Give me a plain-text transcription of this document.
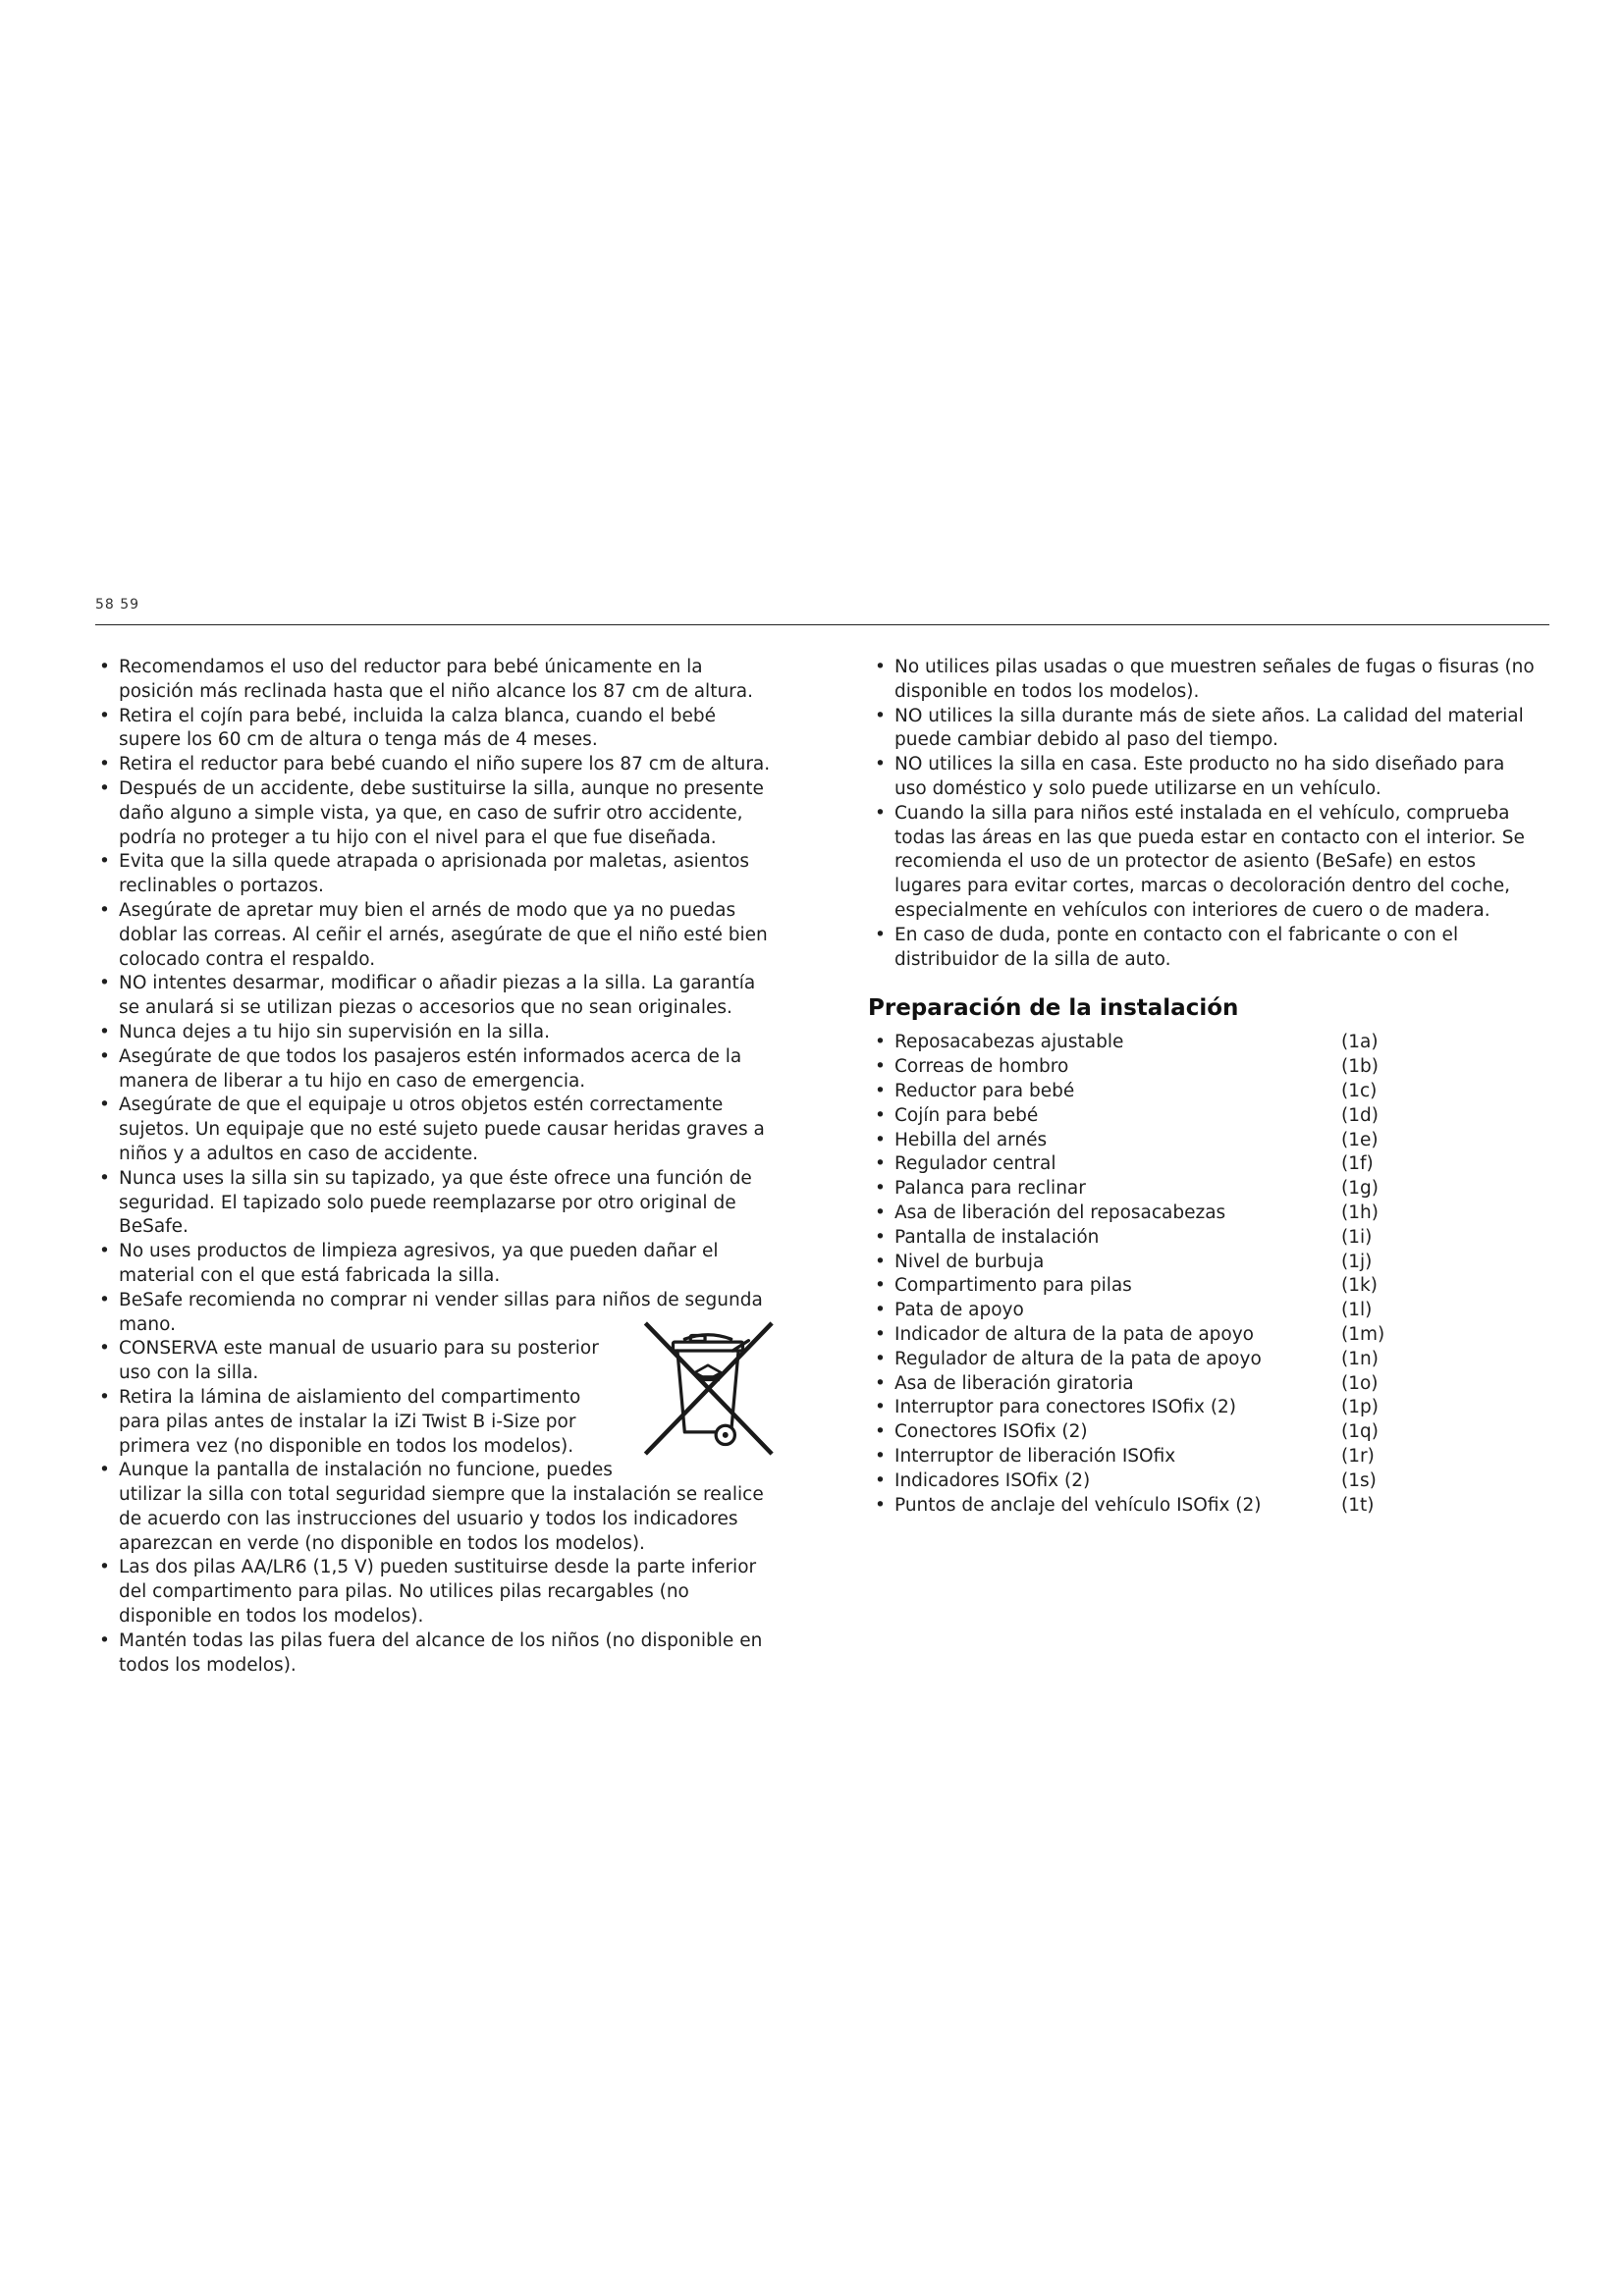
58 59
• Recomendamos el uso del reductor para bebé únicamente en la posición más reclinada hasta que el niño alcance los 87 cm de altura.
• Retira el cojín para bebé, incluida la calza blanca, cuando el bebé supere los 60 cm de altura o tenga más de 4 meses.
• Retira el reductor para bebé cuando el niño supere los 87 cm de altura.
• Después de un accidente, debe sustituirse la silla, aunque no presente daño alguno a simple vista, ya que, en caso de sufrir otro accidente, podría no proteger a tu hijo con el nivel para el que fue diseñada.
• Evita que la silla quede atrapada o aprisionada por maletas, asientos reclinables o portazos.
• Asegúrate de apretar muy bien el arnés de modo que ya no puedas doblar las correas. Al ceñir el arnés, asegúrate de que el niño esté bien colocado contra el respaldo.
• NO intentes desarmar, modificar o añadir piezas a la silla. La garantía se anulará si se utilizan piezas o accesorios que no sean originales.
• Nunca dejes a tu hijo sin supervisión en la silla.
• Asegúrate de que todos los pasajeros estén informados acerca de la manera de liberar a tu hijo en caso de emergencia.
• Asegúrate de que el equipaje u otros objetos estén correctamente sujetos. Un equipaje que no esté sujeto puede causar heridas graves a niños y a adultos en caso de accidente.
• Nunca uses la silla sin su tapizado, ya que éste ofrece una función de seguridad. El tapizado solo puede reemplazarse por otro original de BeSafe.
• No uses productos de limpieza agresivos, ya que pueden dañar el material con el que está fabricada la silla.
• BeSafe recomienda no comprar ni vender sillas para niños de segunda mano.
• CONSERVA este manual de usuario para su posterior uso con la silla.
• Retira la lámina de aislamiento del compartimento para pilas antes de instalar la iZi Twist B i-Size por primera vez (no disponible en todos los modelos).
• Aunque la pantalla de instalación no funcione, puedes
utilizar la silla con total seguridad siempre que la instalación se realice de acuerdo con las instrucciones del usuario y todos los indicadores aparezcan en verde (no disponible en todos los modelos).
• Las dos pilas AA/LR6 (1,5 V) pueden sustituirse desde la parte inferior del compartimento para pilas. No utilices pilas recargables (no disponible en todos los modelos).
• Mantén todas las pilas fuera del alcance de los niños (no disponible en todos los modelos).
• No utilices pilas usadas o que muestren señales de fugas o fisuras (no disponible en todos los modelos).
• NO utilices la silla durante más de siete años. La calidad del material puede cambiar debido al paso del tiempo.
• NO utilices la silla en casa. Este producto no ha sido diseñado para uso doméstico y solo puede utilizarse en un vehículo.
• Cuando la silla para niños esté instalada en el vehículo, comprueba todas las áreas en las que pueda estar en contacto con el interior. Se recomienda el uso de un protector de asiento (BeSafe) en estos lugares para evitar cortes, marcas o decoloración dentro del coche, especialmente en vehículos con interiores de cuero o de madera.
• En caso de duda, ponte en contacto con el fabricante o con el distribuidor de la silla de auto.
Preparación de la instalación
• Reposacabezas ajustable	(1a)
• Correas de hombro	(1b)
• Reductor para bebé	(1c)
• Cojín para bebé	(1d)
• Hebilla del arnés	(1e)
• Regulador central	(1f)
• Palanca para reclinar	(1g)
• Asa de liberación del reposacabezas	(1h)
• Pantalla de instalación	(1i)
• Nivel de burbuja	(1j)
• Compartimento para pilas	(1k)
• Pata de apoyo	(1l)
• Indicador de altura de la pata de apoyo	(1m)
• Regulador de altura de la pata de apoyo	(1n)
• Asa de liberación giratoria	(1o)
• Interruptor para conectores ISOfix (2)	(1p)
• Conectores ISOfix (2)	(1q)
• Interruptor de liberación ISOfix	(1r)
• Indicadores ISOfix (2)	(1s)
• Puntos de anclaje del vehículo ISOfix (2)	(1t)
